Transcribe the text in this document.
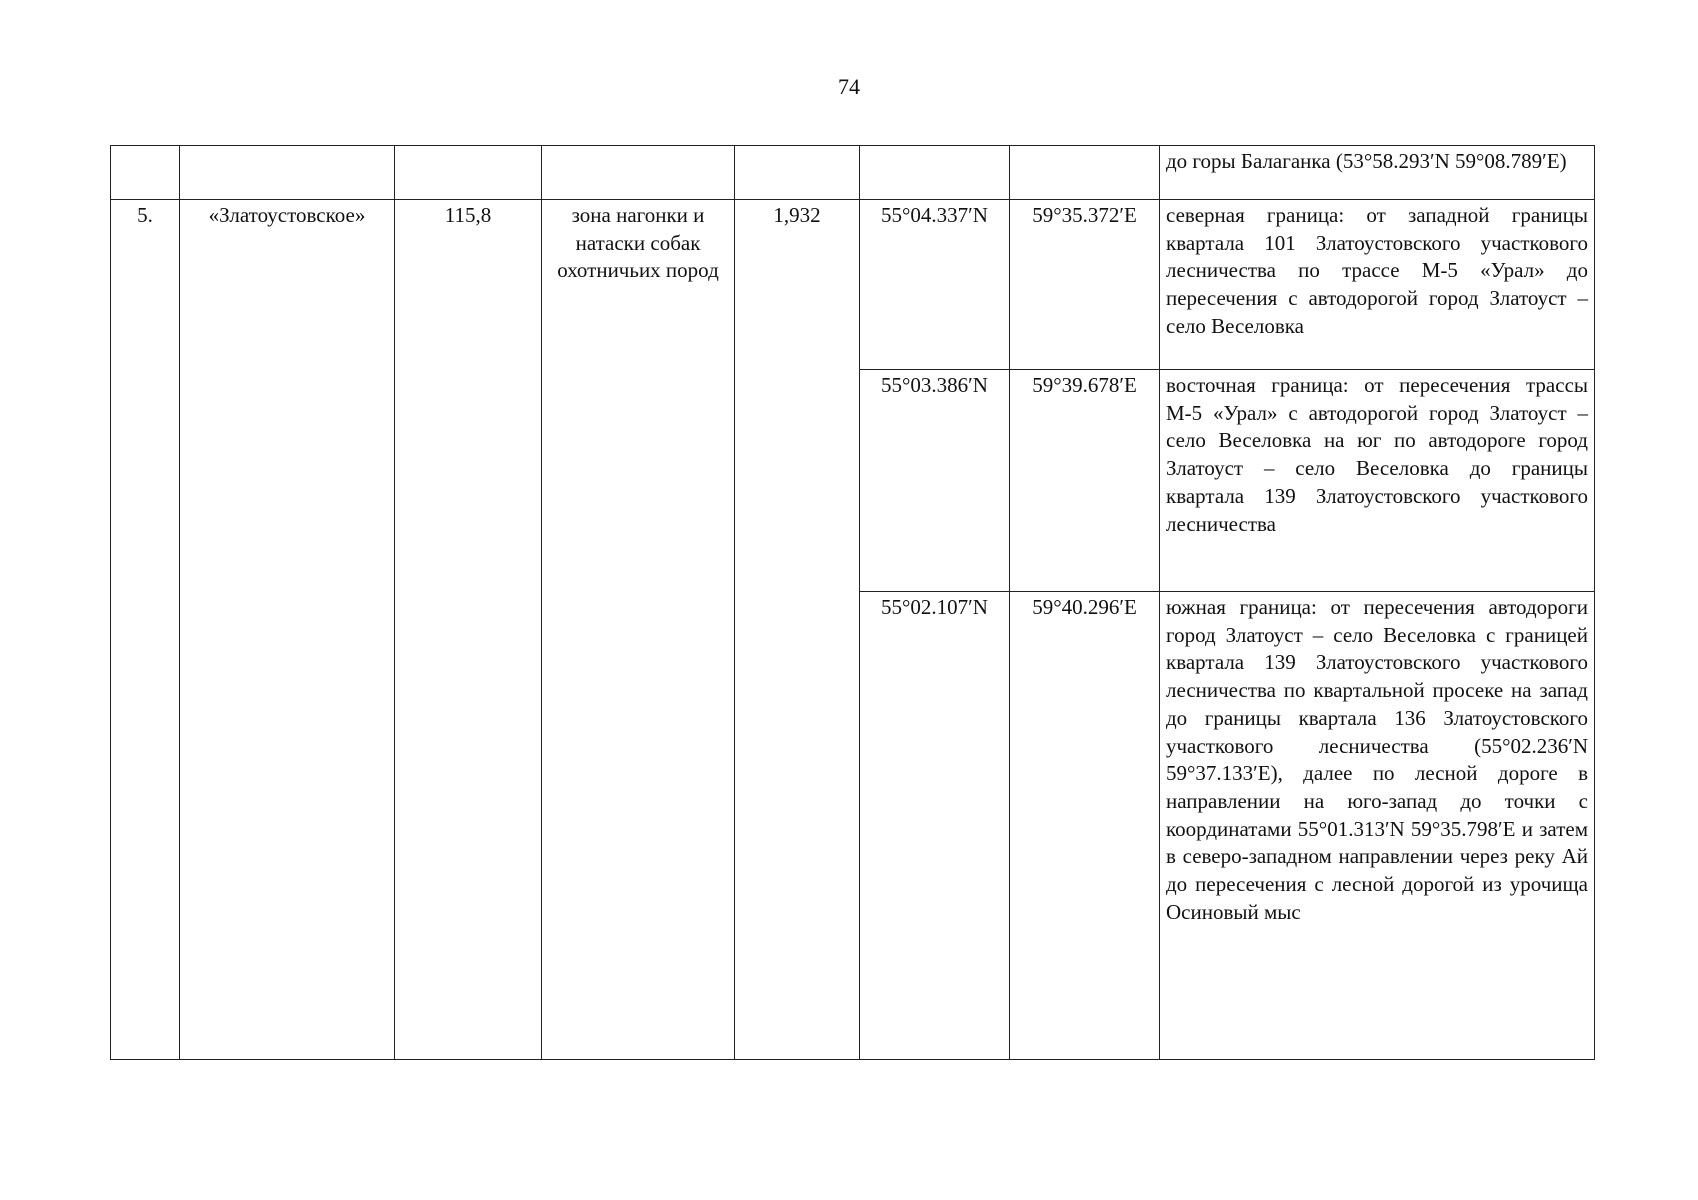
74

							до горы Балаганка (53°58.293′N 59°08.789′E)

5.	«Златоустовское»	115,8	зона нагонки и натаски собак охотничьих пород	1,932	55°04.337′N	59°35.372′E	северная граница: от западной границы квартала 101 Златоустовского участкового лесничества по трассе М-5 «Урал» до пересечения с автодорогой город Златоуст – село Веселовка

					55°03.386′N	59°39.678′E	восточная граница: от пересечения трассы М-5 «Урал» с автодорогой город Златоуст – село Веселовка на юг по автодороге город Златоуст – село Веселовка до границы квартала 139 Златоустовского участкового лесничества

					55°02.107′N	59°40.296′E	южная граница: от пересечения автодороги город Златоуст – село Веселовка с границей квартала 139 Златоустовского участкового лесничества по квартальной просеке на запад до границы квартала 136 Златоустовского участкового лесничества (55°02.236′N 59°37.133′E), далее по лесной дороге в направлении на юго-запад до точки с координатами 55°01.313′N 59°35.798′E и затем в северо-западном направлении через реку Ай до пересечения с лесной дорогой из урочища Осиновый мыс
